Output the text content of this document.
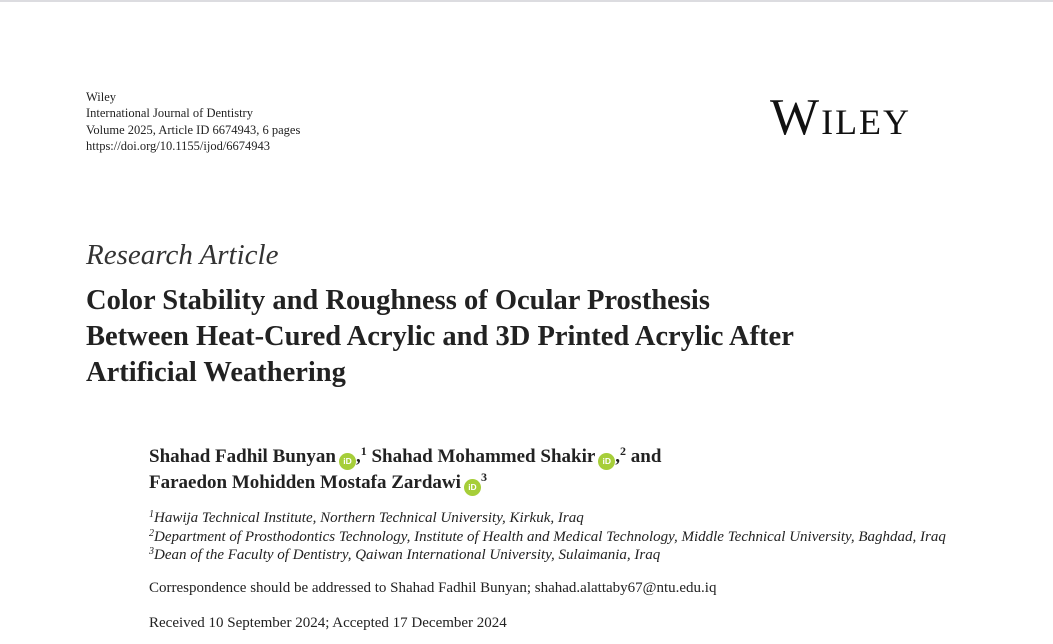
Wiley
International Journal of Dentistry
Volume 2025, Article ID 6674943, 6 pages
https://doi.org/10.1155/ijod/6674943	Wiley
Research Article
Color Stability and Roughness of Ocular Prosthesis
Between Heat-Cured Acrylic and 3D Printed Acrylic After
Artificial Weathering
Shahad Fadhil Bunyan iD ,$^1$ Shahad Mohammed Shakir iD ,$^2$ and
Faraedon Mohidden Mostafa Zardawi $iD^3$
$^1$Hawija Technical Institute, Northern Technical University, Kirkuk, Iraq
$^2$Department of Prosthodontics Technology, Institute of Health and Medical Technology, Middle Technical University, Baghdad, Iraq
$^3$Dean of the Faculty of Dentistry, Qaiwan International University, Sulaimania, Iraq
Correspondence should be addressed to Shahad Fadhil Bunyan; shahad.alattaby67@ntu.edu.iq
Received 10 September 2024; Accepted 17 December 2024
